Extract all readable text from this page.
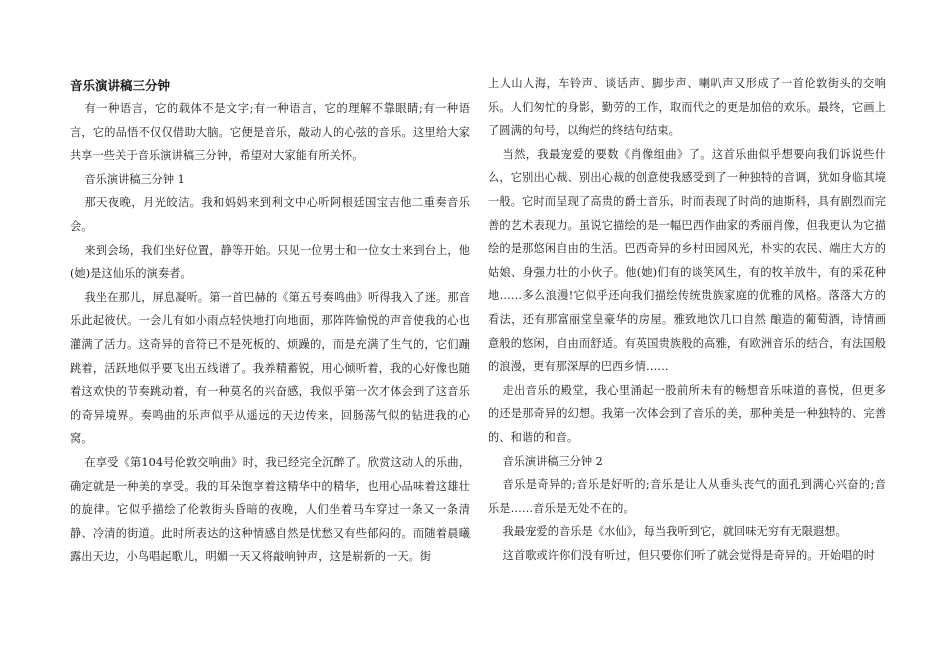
音乐演讲稿三分钟

有一种语言，它的载体不是文字;有一种语言，它的理解不靠眼睛;有一种语言，它的品悟不仅仅借助大脑。它便是音乐，敲动人的心弦的音乐。这里给大家共享一些关于音乐演讲稿三分钟，希望对大家能有所关怀。

音乐演讲稿三分钟 1

那天夜晚，月光皎洁。我和妈妈来到利文中心听阿根廷国宝吉他二重奏音乐会。

来到会场，我们坐好位置，静等开始。只见一位男士和一位女士来到台上，他(她)是这仙乐的演奏者。

我坐在那儿，屏息凝听。第一首巴赫的《第五号奏鸣曲》听得我入了迷。那音乐此起彼伏。一会儿有如小雨点轻快地打向地面，那阵阵愉悦的声音使我的心也灌满了活力。这奇异的音符已不是死板的、烦躁的，而是充满了生气的，它们蹦跳着，活跃地似乎要飞出五线谱了。我养精蓄锐，用心倾听着，我的心好像也随着这欢快的节奏跳动着，有一种莫名的兴奋感，我似乎第一次才体会到了这音乐的奇异境界。奏鸣曲的乐声似乎从遥远的天边传来，回肠荡气似的钻进我的心窝。

在享受《第104号伦敦交响曲》时，我已经完全沉醉了。欣赏这动人的乐曲，确定就是一种美的享受。我的耳朵饱享着这精华中的精华，也用心品味着这雄壮的旋律。它似乎描绘了伦敦街头昏暗的夜晚，人们坐着马车穿过一条又一条清静、冷清的街道。此时所表达的这种情感自然是忧愁又有些郁闷的。而随着晨曦露出天边，小鸟唱起歌儿，明媚一天又将敲响钟声，这是崭新的一天。街

上人山人海，车铃声、谈话声、脚步声、喇叭声又形成了一首伦敦街头的交响乐。人们匆忙的身影，勤劳的工作，取而代之的更是加倍的欢乐。最终，它画上了圆满的句号，以绚烂的终结句结束。

当然，我最宠爱的要数《肖像组曲》了。这首乐曲似乎想要向我们诉说些什么，它别出心裁、别出心裁的创意使我感受到了一种独特的音调，犹如身临其境一般。它时而呈现了高贵的爵士音乐，时而表现了时尚的迪斯科，具有剧烈而完善的艺术表现力。虽说它描绘的是一幅巴西作曲家的秀丽肖像，但我更认为它描绘的是那悠闲自由的生活。巴西奇异的乡村田园风光，朴实的农民、端庄大方的姑娘、身强力壮的小伙子。他(她)们有的谈笑风生，有的牧羊放牛，有的采花种地……多么浪漫!它似乎还向我们描绘传统贵族家庭的优雅的风格。落落大方的看法，还有那富丽堂皇豪华的房屋。雅致地饮几口自然 酿造的葡萄酒，诗情画意般的悠闲，自由而舒适。有英国贵族般的高雅，有欧洲音乐的结合，有法国般的浪漫，更有那深厚的巴西乡情……

走出音乐的殿堂，我心里涌起一股前所未有的畅想音乐味道的喜悦，但更多的还是那奇异的幻想。我第一次体会到了音乐的美，那种美是一种独特的、完善的、和谐的和音。

音乐演讲稿三分钟 2

音乐是奇异的;音乐是好听的;音乐是让人从垂头丧气的面孔到满心兴奋的;音乐是……音乐是无处不在的。

我最宠爱的音乐是《水仙》，每当我听到它，就回味无穷有无限遐想。

这首歌或许你们没有听过，但只要你们听了就会觉得是奇异的。开始唱的时
